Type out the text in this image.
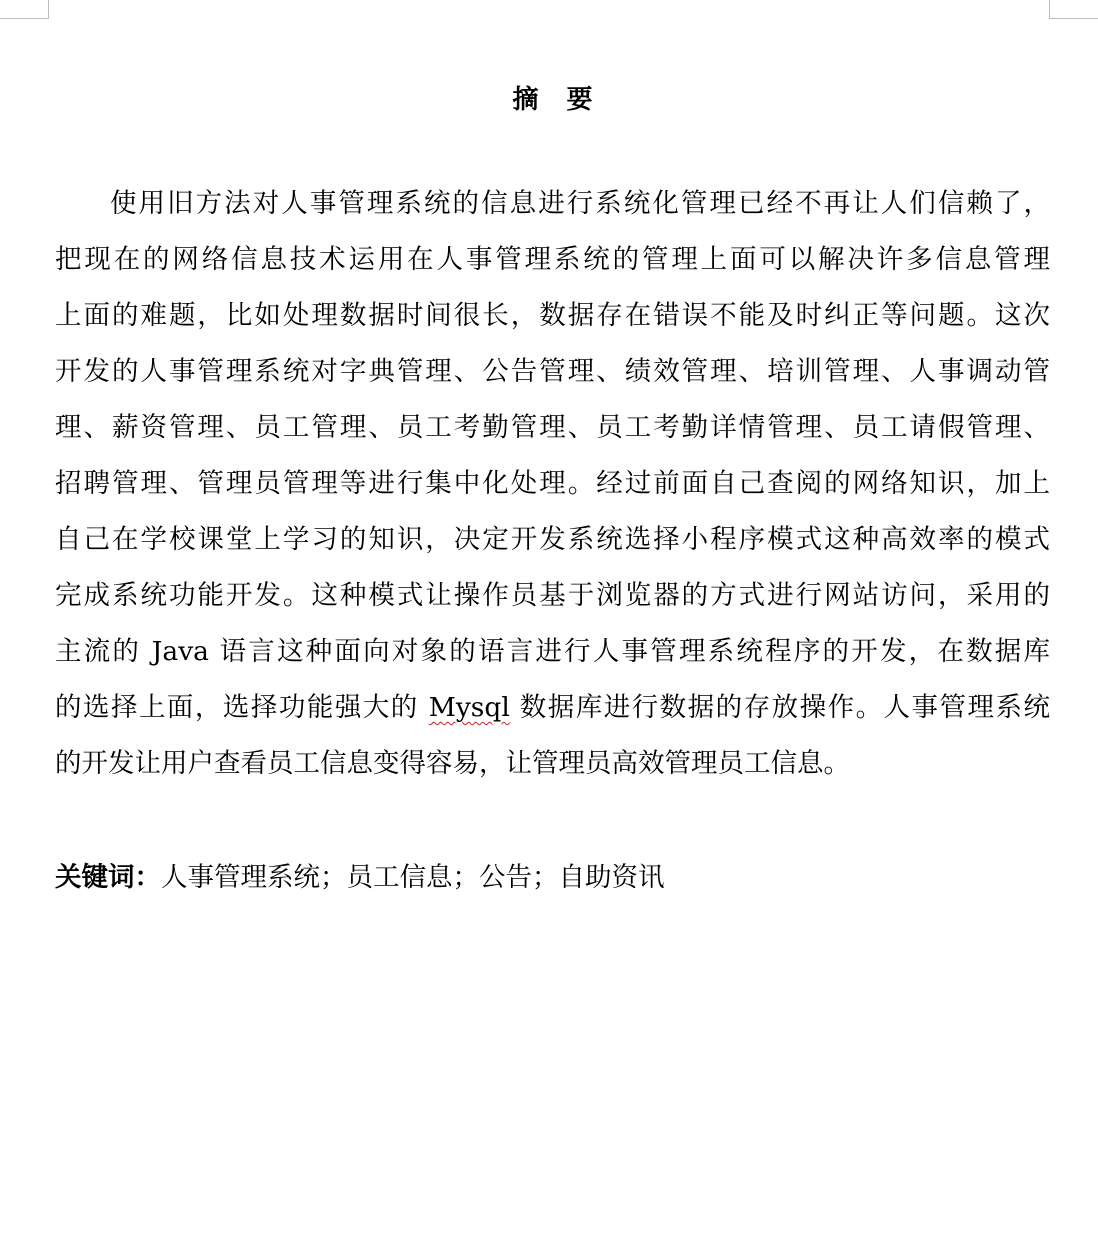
摘 要
使用旧方法对人事管理系统的信息进行系统化管理已经不再让人们信赖了，
把现在的网络信息技术运用在人事管理系统的管理上面可以解决许多信息管理
上面的难题，比如处理数据时间很长，数据存在错误不能及时纠正等问题。这次
开发的人事管理系统对字典管理、公告管理、绩效管理、培训管理、人事调动管
理、薪资管理、员工管理、员工考勤管理、员工考勤详情管理、员工请假管理、
招聘管理、管理员管理等进行集中化处理。经过前面自己查阅的网络知识，加上
自己在学校课堂上学习的知识，决定开发系统选择小程序模式这种高效率的模式
完成系统功能开发。这种模式让操作员基于浏览器的方式进行网站访问，采用的
主流的 Java 语言这种面向对象的语言进行人事管理系统程序的开发，在数据库
的选择上面，选择功能强大的 Mysql 数据库进行数据的存放操作。人事管理系统
的开发让用户查看员工信息变得容易，让管理员高效管理员工信息。
关键词：人事管理系统；员工信息；公告；自助资讯
